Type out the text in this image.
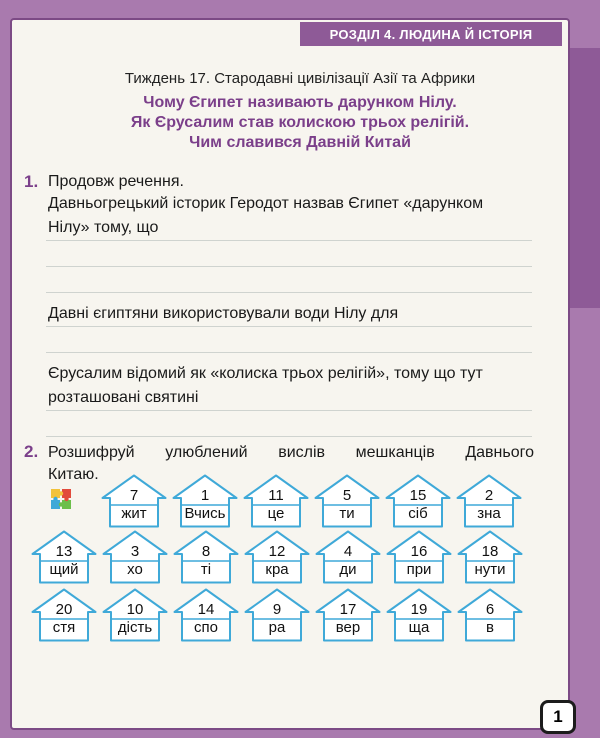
РОЗДІЛ 4. ЛЮДИНА Й ІСТОРІЯ
Тиждень 17. Стародавні цивілізації Азії та Африки
Чому Єгипет називають дарунком Нілу.
Як Єрусалим став колискою трьох релігій.
Чим славився Давній Китай
1. Продовж речення.
Давньогрецький історик Геродот назвав Єгипет «дарунком
Нілу» тому, що
Давні єгиптяни використовували води Нілу для
Єрусалим відомий як «колиска трьох релігій», тому що тут
розташовані святині
2. Розшифруй улюблений вислів мешканців Давнього
Китаю.
7
жит
1
Вчись
11
це
5
ти
15
сіб
2
зна
13
щий
3
хо
8
ті
12
кра
4
ди
16
при
18
нути
20
стя
10
дість
14
спо
9
ра
17
вер
19
ща
6
в
1
